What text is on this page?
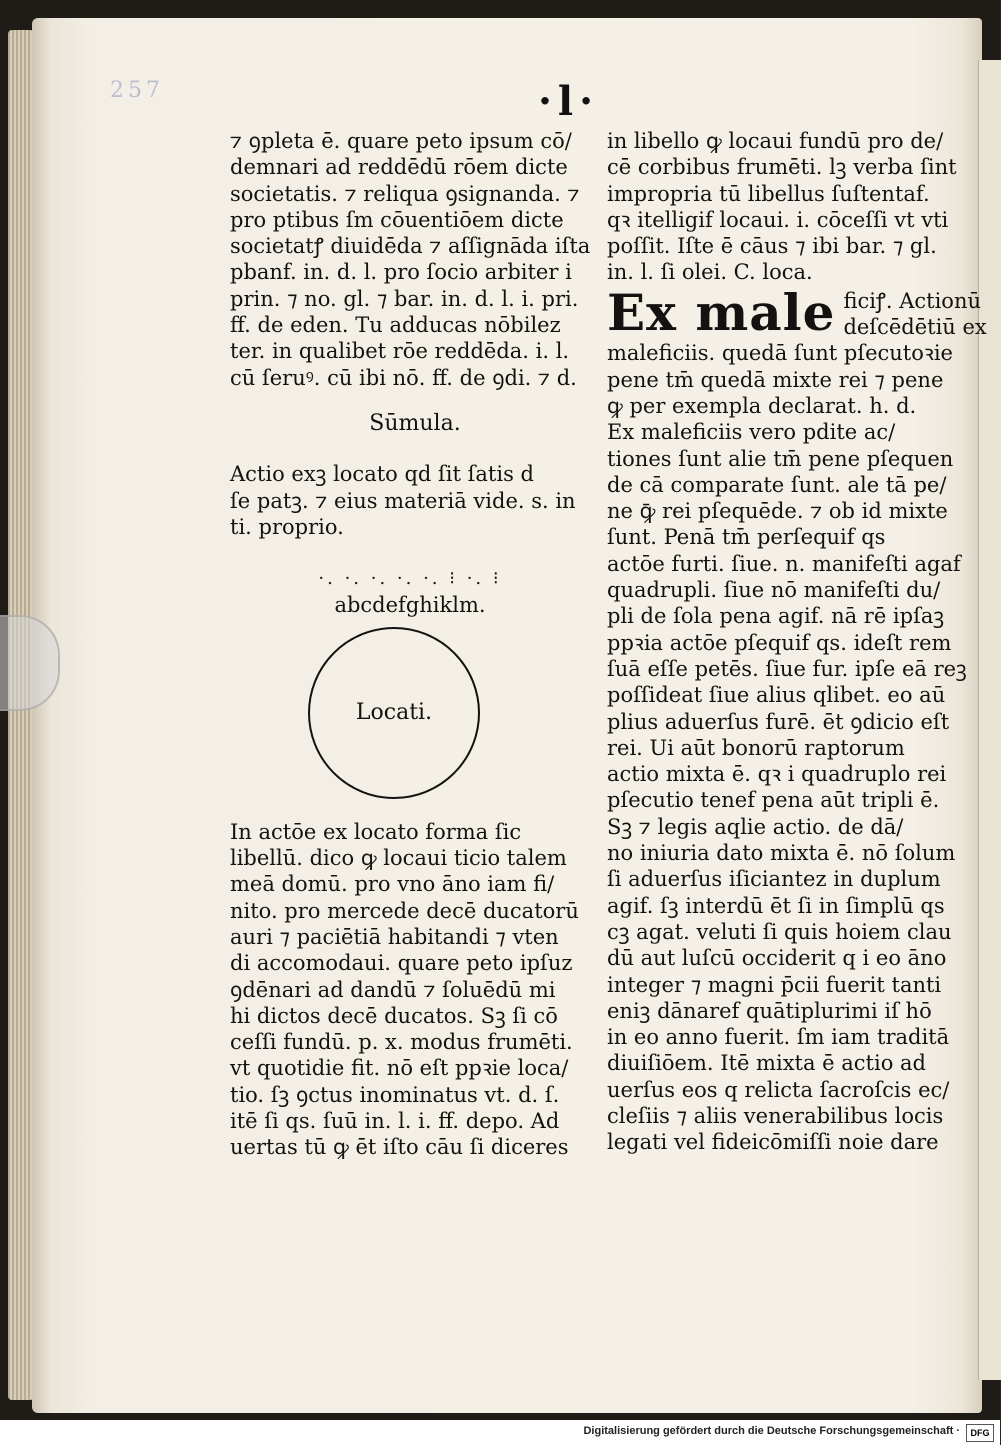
257	·l·
⁊ ꝯpleta ē. quare peto ipsum cō/
demnari ad reddēdū rōem dicte
societatis. ⁊ reliqua ꝯsignanda. ⁊
pro ptibus ſm cōuentiōem dicte
societatꝭ diuidēda ⁊ aſſignāda iſta
pbanf. in. d. l. pro ſocio arbiter i
prin. ⁊ no. gl. ⁊ bar. in. d. l. i. pri.
ff. de eden. Tu adducas nōbilez
ter. in qualibet rōe reddēda. i. l.
cū ſeruꝰ. cū ibi nō. ff. de ꝯdi. ⁊ d.
Sūmula.
Actio exꝫ locato qd ſit ſatis d
ſe patꝫ. ⁊ eius materiā vide. s. in
ti. proprio.
·. ·. ·. ·. ·. ⁝ ·. ⁝
abcdefghiklm.
Locati.
In actōe ex locato forma ſic
libellū. dico ꝙ locaui ticio talem
meā domū. pro vno āno iam fi/
nito. pro mercede decē ducatorū
auri ⁊ paciētiā habitandi ⁊ vten
di accomodaui. quare peto ipſuz
ꝯdēnari ad dandū ⁊ ſoluēdū mi
hi dictos decē ducatos. Sꝫ ſi cō
ceſſi fundū. p. x. modus frumēti.
vt quotidie fit. nō eſt ppꝛie loca/
tio. ſꝫ ꝯctus inominatus vt. d. ſ.
itē ſi qs. ſuū in. l. i. ff. depo. Ad
uertas tū ꝙ ēt iſto cāu ſi diceres
in libello ꝙ locaui fundū pro de/
cē corbibus frumēti. lꝫ verba ſint
impropria tū libellus ſuſtentaf.
qꝛ itelligif locaui. i. cōceſſi vt vti
poſſit. Iſte ē cāus ⁊ ibi bar. ⁊ gl.
in. l. ſi olei. C. loca.
Ex male ficiꝭ. Actionū
deſcēdētiū ex
maleficiis. quedā ſunt pſecutoꝛie
pene tm̄ quedā mixte rei ⁊ pene
ꝙ per exempla declarat. h. d.
Ex maleficiis vero pdite ac/
tiones ſunt alie tm̄ pene pſequen
de cā comparate ſunt. ale tā pe/
ne ꝙ̄ rei pſequēde. ⁊ ob id mixte
ſunt. Penā tm̄ perſequif qs
actōe furti. ſiue. n. manifeſti agaf
quadrupli. ſiue nō manifeſti du/
pli de ſola pena agif. nā rē ipſaꝫ
ppꝛia actōe pſequif qs. ideſt rem
ſuā eſſe petēs. ſiue fur. ipſe eā reꝫ
poſſideat ſiue alius qlibet. eo aū
plius aduerſus furē. ēt ꝯdicio eſt
rei. Ui aūt bonorū raptorum
actio mixta ē. qꝛ i quadruplo rei
pſecutio tenef pena aūt tripli ē.
Sꝫ ⁊ legis aqlie actio. de dā/
no iniuria dato mixta ē. nō ſolum
ſi aduerſus iſiciantez in duplum
agif. ſꝫ interdū ēt ſi in ſimplū qs
cꝫ agat. veluti ſi quis hoiem clau
dū aut luſcū occiderit q i eo āno
integer ⁊ magni p̄cii fuerit tanti
eniꝫ dānaref quātiplurimi iſ hō
in eo anno fuerit. ſm iam traditā
diuiſiōem. Itē mixta ē actio ad
uerſus eos q relicta ſacroſcis ec/
cleſiis ⁊ aliis venerabilibus locis
legati vel fideicōmiſſi noie dare
Digitalisierung gefördert durch die Deutsche Forschungsgemeinschaft ·	DFG
